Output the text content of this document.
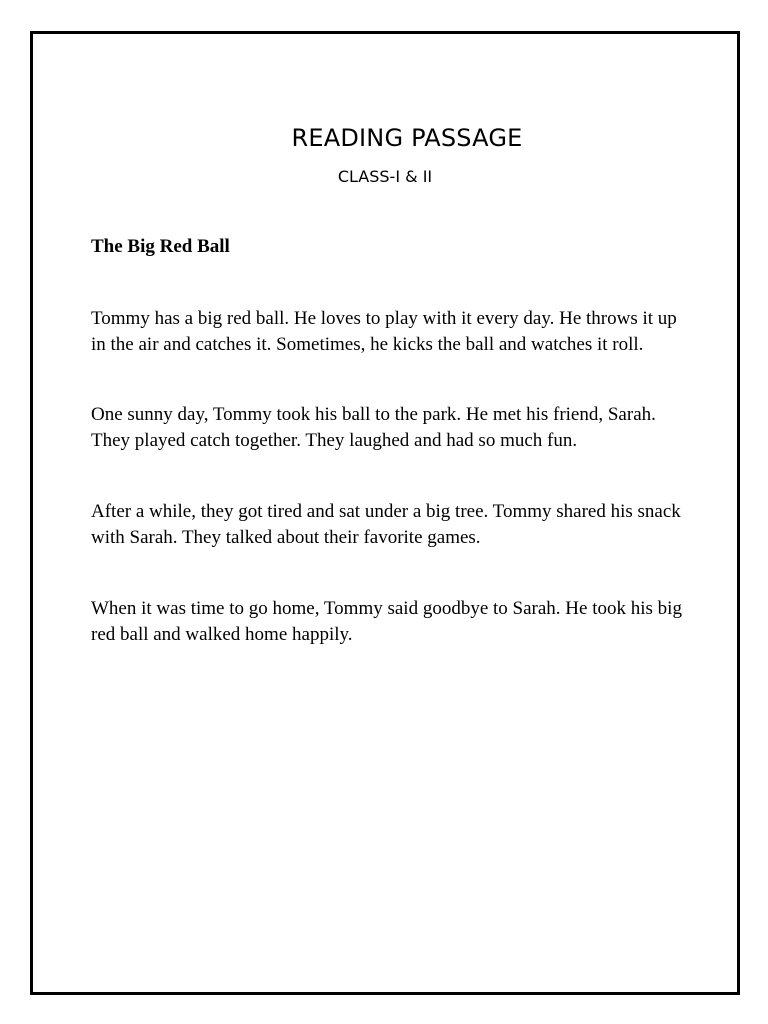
READING PASSAGE
CLASS-I & II

The Big Red Ball

Tommy has a big red ball. He loves to play with it every day. He throws it up in the air and catches it. Sometimes, he kicks the ball and watches it roll.

One sunny day, Tommy took his ball to the park. He met his friend, Sarah. They played catch together. They laughed and had so much fun.

After a while, they got tired and sat under a big tree. Tommy shared his snack with Sarah. They talked about their favorite games.

When it was time to go home, Tommy said goodbye to Sarah. He took his big red ball and walked home happily.
